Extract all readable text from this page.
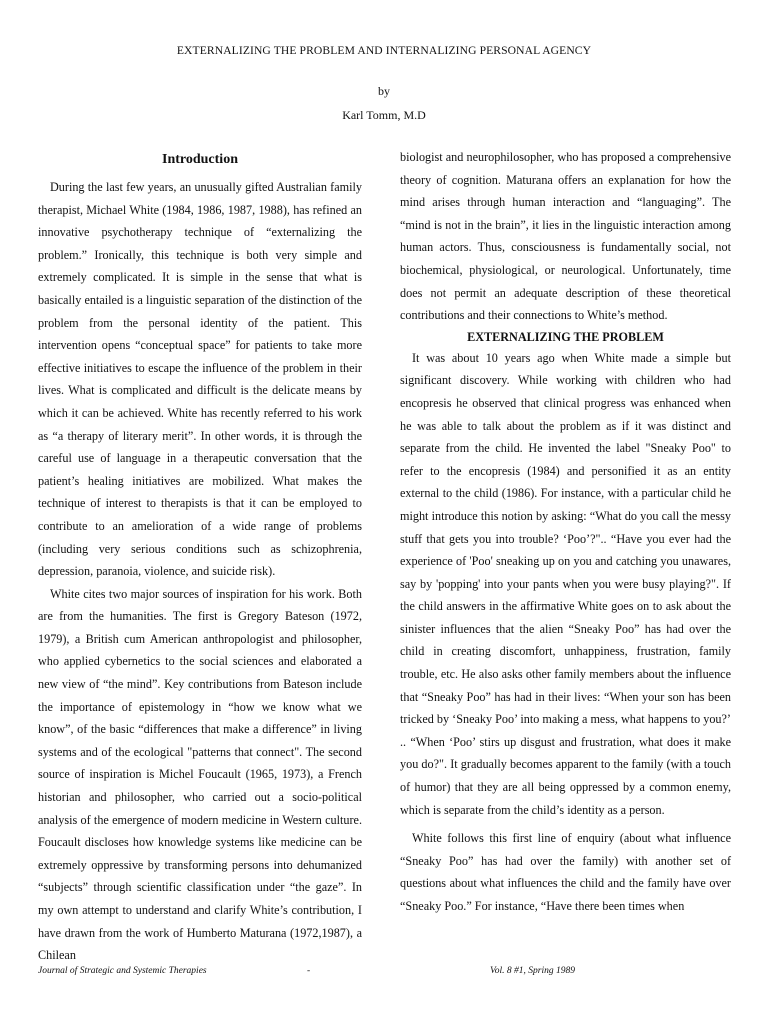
EXTERNALIZING THE PROBLEM AND INTERNALIZING PERSONAL AGENCY
by
Karl Tomm, M.D
Introduction

During the last few years, an unusually gifted Australian family therapist, Michael White (1984, 1986, 1987, 1988), has refined an innovative psychotherapy technique of “externalizing the problem.” Ironically, this technique is both very simple and extremely complicated. It is simple in the sense that what is basically entailed is a linguistic separation of the distinction of the problem from the personal identity of the patient. This intervention opens “conceptual space” for patients to take more effective initiatives to escape the influence of the problem in their lives. What is complicated and difficult is the delicate means by which it can be achieved. White has recently referred to his work as “a therapy of literary merit”. In other words, it is through the careful use of language in a therapeutic conversation that the patient’s healing initiatives are mobilized. What makes the technique of interest to therapists is that it can be employed to contribute to an amelioration of a wide range of problems (including very serious conditions such as schizophrenia, depression, paranoia, violence, and suicide risk).

White cites two major sources of inspiration for his work. Both are from the humanities. The first is Gregory Bateson (1972, 1979), a British cum American anthropologist and philosopher, who applied cybernetics to the social sciences and elaborated a new view of “the mind”. Key contributions from Bateson include the importance of epistemology in “how we know what we know”, of the basic “differences that make a difference” in living systems and of the ecological "patterns that connect". The second source of inspiration is Michel Foucault (1965, 1973), a French historian and philosopher, who carried out a socio-political analysis of the emergence of modern medicine in Western culture. Foucault discloses how knowledge systems like medicine can be extremely oppressive by transforming persons into dehumanized “subjects” through scientific classification under “the gaze”. In my own attempt to understand and clarify White’s contribution, I have drawn from the work of Humberto Maturana (1972,1987), a Chilean

biologist and neurophilosopher, who has proposed a comprehensive theory of cognition. Maturana offers an explanation for how the mind arises through human interaction and “languaging”. The “mind is not in the brain”, it lies in the linguistic interaction among human actors. Thus, consciousness is fundamentally social, not biochemical, physiological, or neurological. Unfortunately, time does not permit an adequate description of these theoretical contributions and their connections to White’s method.

EXTERNALIZING THE PROBLEM

It was about 10 years ago when White made a simple but significant discovery. While working with children who had encopresis he observed that clinical progress was enhanced when he was able to talk about the problem as if it was distinct and separate from the child. He invented the label "Sneaky Poo" to refer to the encopresis (1984) and personified it as an entity external to the child (1986). For instance, with a particular child he might introduce this notion by asking: “What do you call the messy stuff that gets you into trouble? ‘Poo’?".. “Have you ever had the experience of 'Poo' sneaking up on you and catching you unawares, say by 'popping' into your pants when you were busy playing?". If the child answers in the affirmative White goes on to ask about the sinister influences that the alien “Sneaky Poo” has had over the child in creating discomfort, unhappiness, frustration, family trouble, etc. He also asks other family members about the influence that “Sneaky Poo” has had in their lives: “When your son has been tricked by ‘Sneaky Poo’ into making a mess, what happens to you?’ .. “When ‘Poo’ stirs up disgust and frustration, what does it make you do?". It gradually becomes apparent to the family (with a touch of humor) that they are all being oppressed by a common enemy, which is separate from the child’s identity as a person.

White follows this first line of enquiry (about what influence “Sneaky Poo” has had over the family) with another set of questions about what influences the child and the family have over “Sneaky Poo.” For instance, “Have there been times when

Journal of Strategic and Systemic Therapies	-	Vol. 8 #1, Spring 1989
